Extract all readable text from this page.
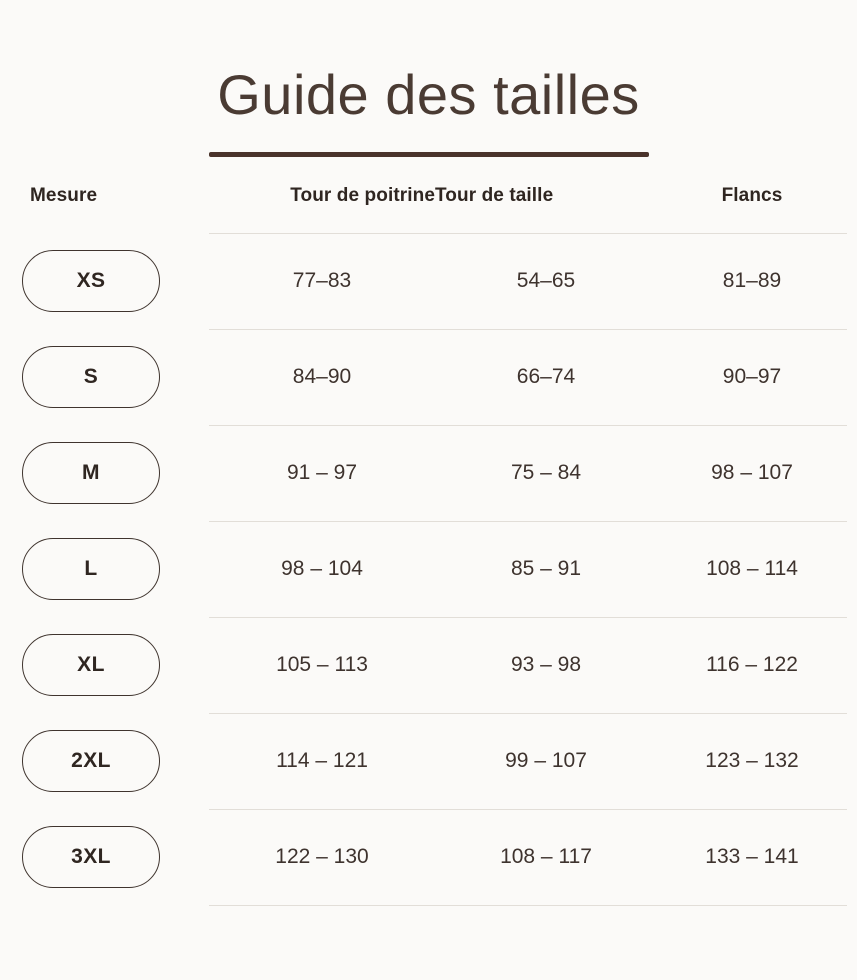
Guide des tailles
Mesure	Tour de poitrine	Tour de taille	Flancs
XS	77–83	54–65	81–89
S	84–90	66–74	90–97
M	91 – 97	75 – 84	98 – 107
L	98 – 104	85 – 91	108 – 114
XL	105 – 113	93 – 98	116 – 122
2XL	114 – 121	99 – 107	123 – 132
3XL	122 – 130	108 – 117	133 – 141
